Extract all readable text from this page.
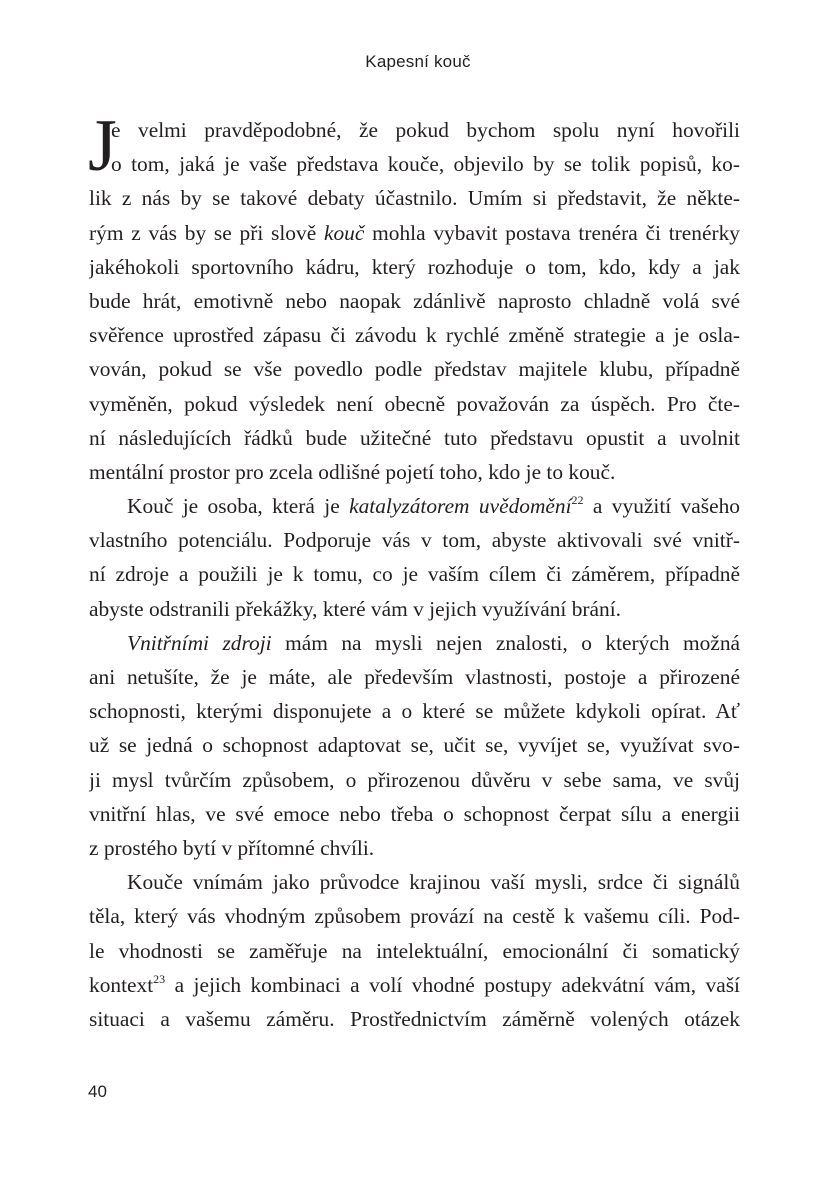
Kapesní kouč
J
e velmi pravděpodobné, že pokud bychom spolu nyní hovořili
o tom, jaká je vaše představa kouče, objevilo by se tolik popisů, ko-
lik z nás by se takové debaty účastnilo. Umím si představit, že někte-
rým z vás by se při slově kouč mohla vybavit postava trenéra či trenérky
jakéhokoli sportovního kádru, který rozhoduje o tom, kdo, kdy a jak
bude hrát, emotivně nebo naopak zdánlivě naprosto chladně volá své
svěřence uprostřed zápasu či závodu k rychlé změně strategie a je osla-
vován, pokud se vše povedlo podle představ majitele klubu, případně
vyměněn, pokud výsledek není obecně považován za úspěch. Pro čte-
ní následujících řádků bude užitečné tuto představu opustit a uvolnit
mentální prostor pro zcela odlišné pojetí toho, kdo je to kouč.
Kouč je osoba, která je katalyzátorem uvědomění$^{22}$ a využití vašeho
vlastního potenciálu. Podporuje vás v tom, abyste aktivovali své vnitř-
ní zdroje a použili je k tomu, co je vaším cílem či záměrem, případně
abyste odstranili překážky, které vám v jejich využívání brání.
Vnitřními zdroji mám na mysli nejen znalosti, o kterých možná
ani netušíte, že je máte, ale především vlastnosti, postoje a přirozené
schopnosti, kterými disponujete a o které se můžete kdykoli opírat. Ať
už se jedná o schopnost adaptovat se, učit se, vyvíjet se, využívat svo-
ji mysl tvůrčím způsobem, o přirozenou důvěru v sebe sama, ve svůj
vnitřní hlas, ve své emoce nebo třeba o schopnost čerpat sílu a energii
z prostého bytí v přítomné chvíli.
Kouče vnímám jako průvodce krajinou vaší mysli, srdce či signálů
těla, který vás vhodným způsobem provází na cestě k vašemu cíli. Pod-
le vhodnosti se zaměřuje na intelektuální, emocionální či somatický
kontext$^{23}$ a jejich kombinaci a volí vhodné postupy adekvátní vám, vaší
situaci a vašemu záměru. Prostřednictvím záměrně volených otázek
40
